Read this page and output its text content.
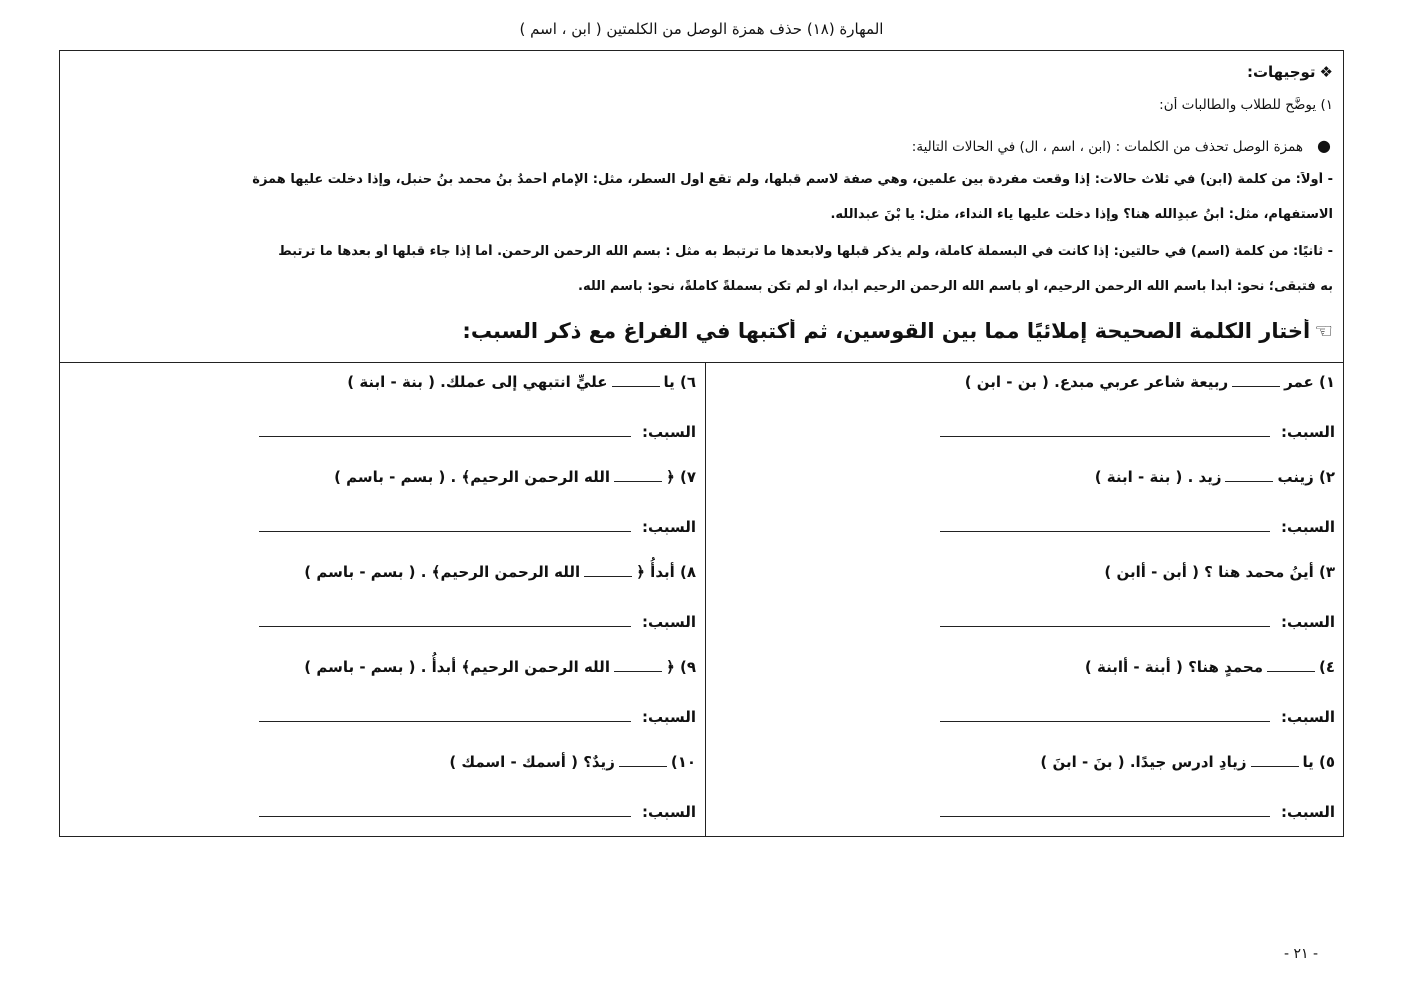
المهارة (١٨) حذف همزة الوصل من الكلمتين ( ابن ، اسم )
❖توجيهات:
١) يوضَّح للطلاب والطالبات أن:
●همزة الوصل تحذف من الكلمات : (ابن ، اسم ، ال) في الحالات التالية:
- أولاً: من كلمة (ابن) في ثلاث حالات: إذا وقعت مفردة بين علمين، وهي صفة لاسمٍ قبلها، ولم تقع أول السطر، مثل: الإمام أحمدُ بنُ محمد بنُ حنبل، وإذا دخلت عليها همزة
الاستفهام، مثل: أبنُ عبدِالله هنا؟ وإذا دخلت عليها ياء النداء، مثل: يا بْنَ عبدالله.
- ثانيًا: من كلمة (اسم) في حالتين: إذا كانت في البسملة كاملة، ولم يذكر قبلها ولابعدها ما ترتبط به مثل : بسم الله الرحمن الرحمن. أما إذا جاء قبلها أو بعدها ما ترتبط
به فتبقى؛ نحو: أبدأ باسمِ الله الرحمن الرحيم، أو باسمِ الله الرحمن الرحيم أبدأ، أو لم تكن بسملةً كاملةً، نحو: باسم الله.
☜أختار الكلمة الصحيحة إملائيًا مما بين القوسين، ثم أكتبها في الفراغ مع ذكر السبب:
١) عمرربيعة شاعر عربي مبدع. ( بن - ابن )
السبب:
٢) زينبزيد . ( بنة - ابنة )
السبب:
٣) أينُ محمد هنا ؟ ( أبن - أابن )
السبب:
٤)محمدٍ هنا؟ ( أبنة - أابنة )
السبب:
٥) يازيادِ ادرس جيدًا. ( بنَ - ابنَ )
السبب:
٦) ياعليٍّ انتبهي إلى عملك. ( بنة - ابنة )
السبب:
٧) ﴿الله الرحمن الرحيم﴾ . ( بسم - باسم )
السبب:
٨) أبدأُ ﴿الله الرحمن الرحيم﴾ . ( بسم - باسم )
السبب:
٩) ﴿الله الرحمن الرحيم﴾ أبدأُ . ( بسم - باسم )
السبب:
١٠)زيدٌ؟ ( أسمك - اسمك )
السبب:
- ٢١ -
